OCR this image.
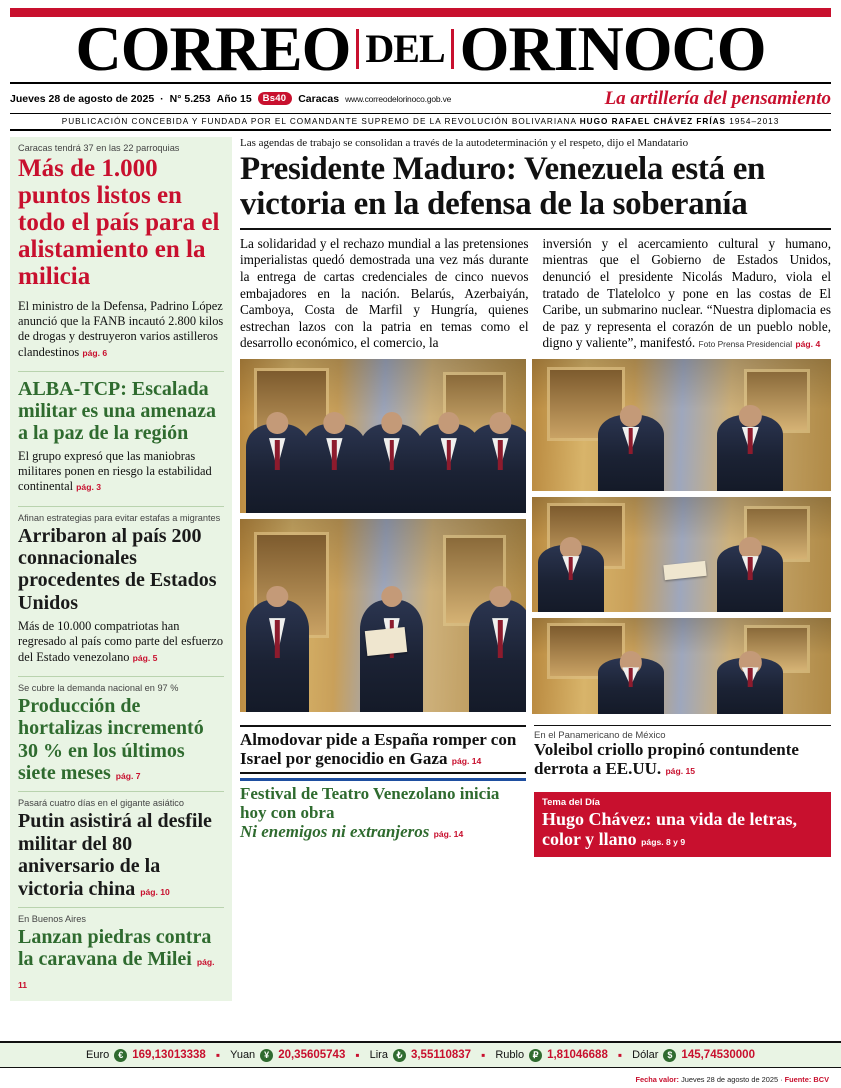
CORREO DEL ORINOCO
Jueves 28 de agosto de 2025 · N° 5.253 Año 15	Bs40	Caracas www.correodelorinoco.gob.ve	La artillería del pensamiento
PUBLICACIÓN CONCEBIDA Y FUNDADA POR EL COMANDANTE SUPREMO DE LA REVOLUCIÓN BOLIVARIANA HUGO RAFAEL CHÁVEZ FRÍAS 1954–2013
Caracas tendrá 37 en las 22 parroquias
Más de 1.000 puntos listos en todo el país para el alistamiento en la milicia
El ministro de la Defensa, Padrino López anunció que la FANB incautó 2.800 kilos de drogas y destruyeron varios astilleros clandestinos pág. 6
ALBA-TCP: Escalada militar es una amenaza a la paz de la región
El grupo expresó que las maniobras militares ponen en riesgo la estabilidad continental pág. 3
Afinan estrategias para evitar estafas a migrantes
Arribaron al país 200 connacionales procedentes de Estados Unidos
Más de 10.000 compatriotas han regresado al país como parte del esfuerzo del Estado venezolano pág. 5
Se cubre la demanda nacional en 97 %
Producción de hortalizas incrementó 30 % en los últimos siete meses pág. 7
Pasará cuatro días en el gigante asiático
Putin asistirá al desfile militar del 80 aniversario de la victoria china pág. 10
En Buenos Aires
Lanzan piedras contra la caravana de Milei pág. 11
Las agendas de trabajo se consolidan a través de la autodeterminación y el respeto, dijo el Mandatario
Presidente Maduro: Venezuela está en victoria en la defensa de la soberanía

La solidaridad y el rechazo mundial a las pretensiones imperialistas quedó demostrada una vez más durante la entrega de cartas credenciales de cinco nuevos embajadores en la nación. Belarús, Azerbaiyán, Camboya, Costa de Marfil y Hungría, quienes estrechan lazos con la patria en temas como el desarrollo económico, el comercio, la

inversión y el acercamiento cultural y humano, mientras que el Gobierno de Estados Unidos, denunció el presidente Nicolás Maduro, viola el tratado de Tlatelolco y pone en las costas de El Caribe, un submarino nuclear. “Nuestra diplomacia es de paz y representa el corazón de un pueblo noble, digno y valiente”, manifestó. Foto Prensa Presidencial pág. 4

Almodovar pide a España romper con Israel por genocidio en Gaza pág. 14
Festival de Teatro Venezolano inicia hoy con obra
Ni enemigos ni extranjeros pág. 14
En el Panamericano de México
Voleibol criollo propinó contundente derrota a EE.UU. pág. 15
Tema del Día
Hugo Chávez: una vida de letras, color y llano págs. 8 y 9
Euro € 169,13013338 ▪ Yuan ¥ 20,35605743 ▪ Lira ₺ 3,55110837 ▪ Rublo ₽ 1,81046688 ▪ Dólar $ 145,74530000
Fecha valor: Jueves 28 de agosto de 2025 · Fuente: BCV
